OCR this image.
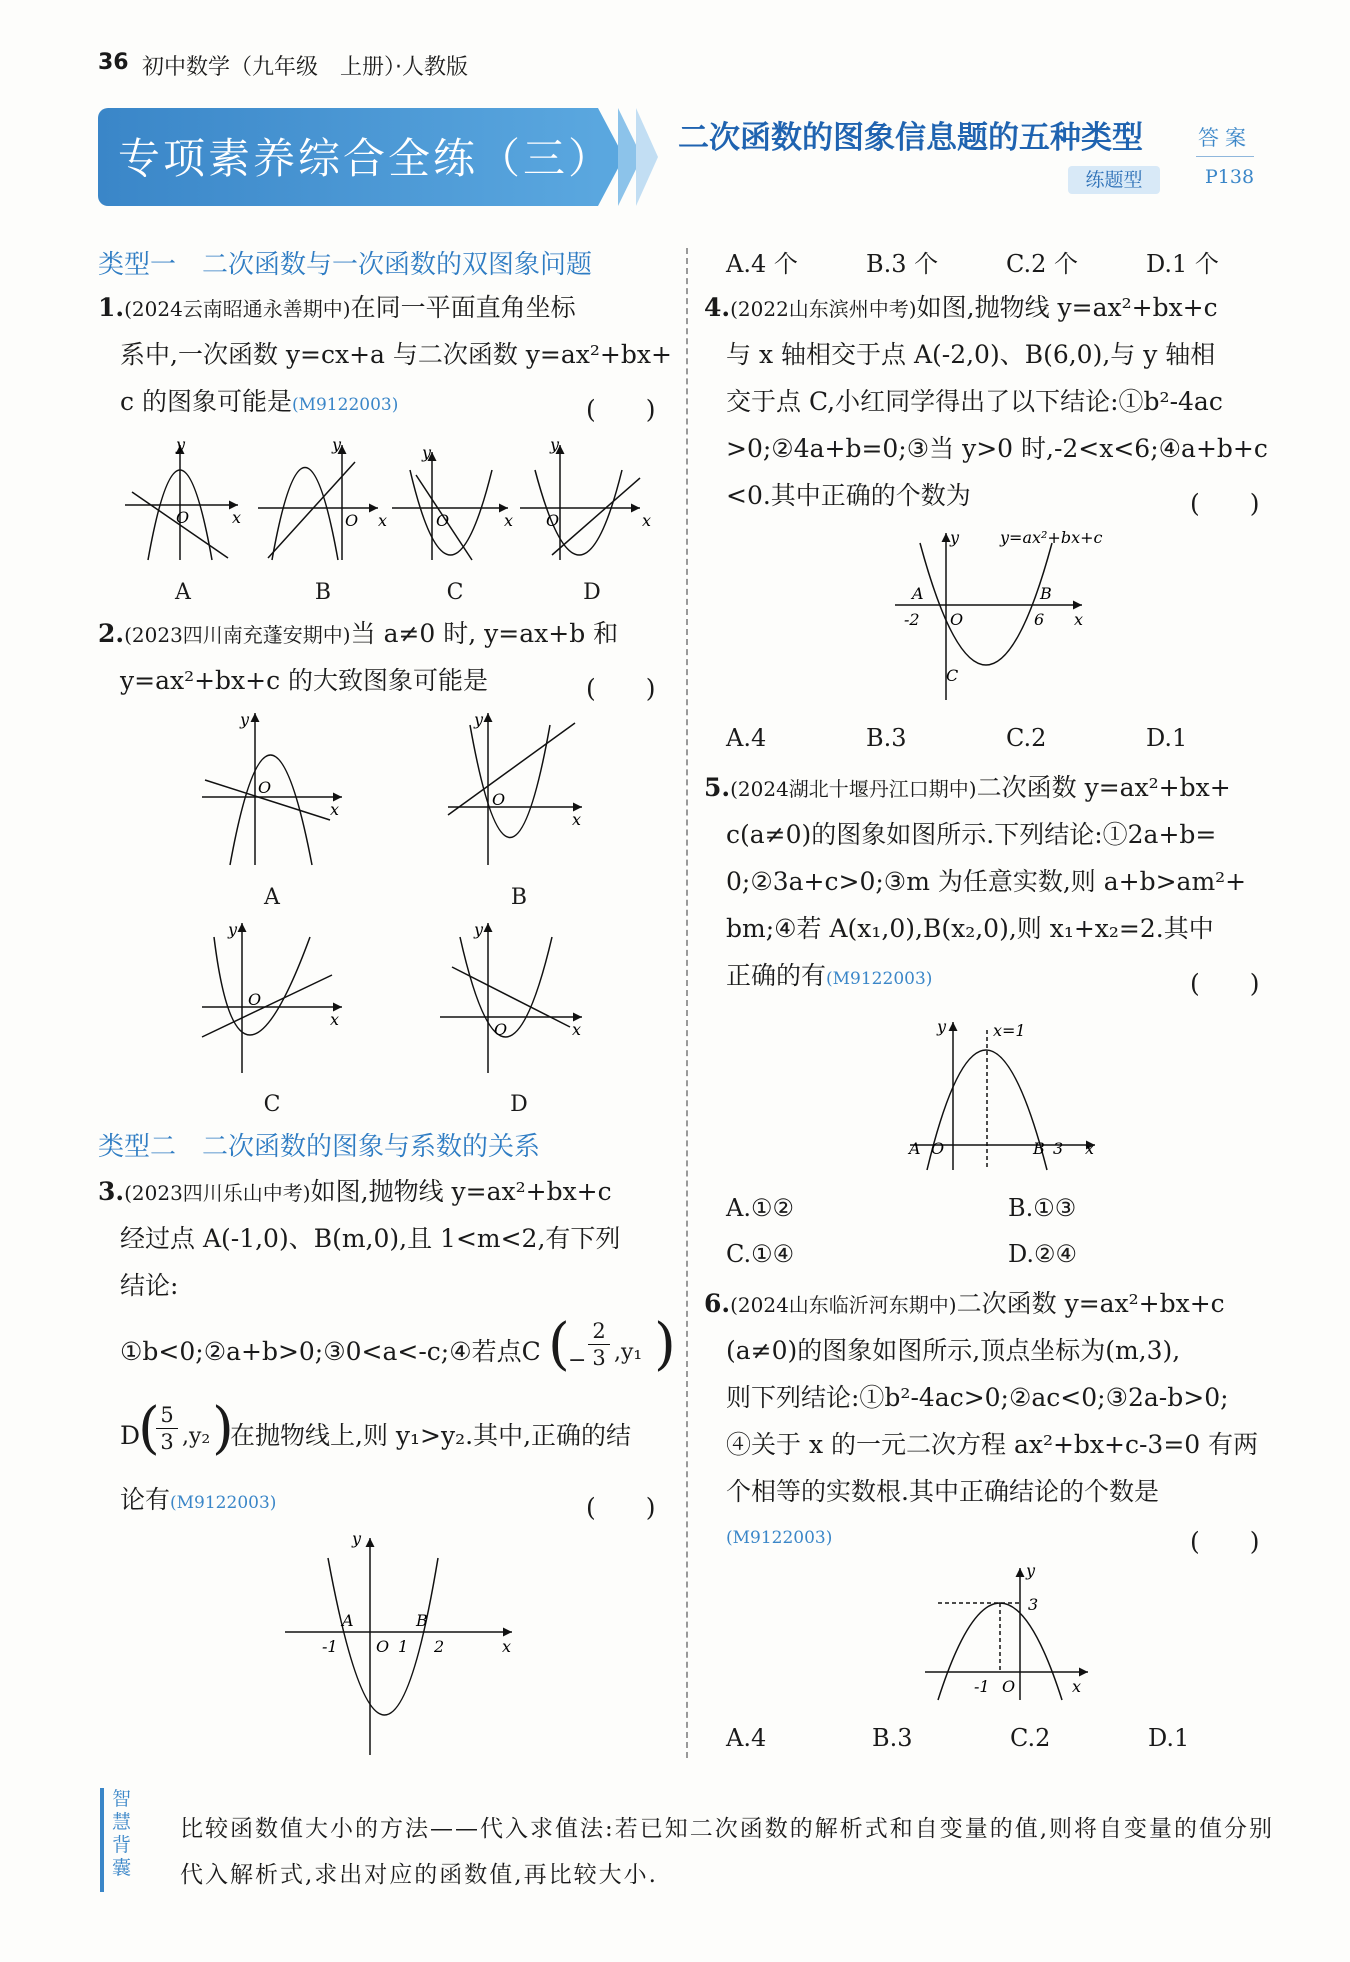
36 初中数学（九年级　上册）·人教版
专项素养综合全练（三） 二次函数的图象信息题的五种类型
练题型
答案
P138
类型一　二次函数与一次函数的双图象问题
1.(2024云南昭通永善期中)在同一平面直角坐标
系中,一次函数 y=cx+a 与二次函数 y=ax²+bx+
c 的图象可能是(M9122003)	(　　)
y
x
O
y
x
O
y
x
O
y
x
O
A	B	C	D
2.(2023四川南充蓬安期中)当 a≠0 时, y=ax+b 和
y=ax²+bx+c 的大致图象可能是	(　　)
y
x
O
y
x
O
y
x
O
y
x
O
A	B
C	D
类型二　二次函数的图象与系数的关系
3.(2023四川乐山中考)如图,抛物线 y=ax²+bx+c
经过点 A(-1,0)、B(m,0),且 1<m<2,有下列
结论:
①b<0;②a+b>0;③0<a<-c;④若点C (
−
2
3 ,y₁ )
D
( 5
3 ,y₂ )
在抛物线上,则 y₁>y₂.其中,正确的结
论有(M9122003)	(　　)
y
x
A	B
-1 O 1 2
A.4 个	B.3 个	C.2 个	D.1 个
4.(2022山东滨州中考)如图,抛物线 y=ax²+bx+c
与 x 轴相交于点 A(-2,0)、B(6,0),与 y 轴相
交于点 C,小红同学得出了以下结论:①b²-4ac
>0;②4a+b=0;③当 y>0 时,-2<x<6;④a+b+c
<0.其中正确的个数为	(　　)
y	y=ax²+bx+c
A	B
-2 O	6 x
C
A.4	B.3	C.2	D.1
5.(2024湖北十堰丹江口期中)二次函数 y=ax²+bx+
c(a≠0)的图象如图所示.下列结论:①2a+b=
0;②3a+c>0;③m 为任意实数,则 a+b>am²+
bm;④若 A(x₁,0),B(x₂,0),则 x₁+x₂=2.其中
正确的有(M9122003)	(　　)
y	x=1
A O	B 3 x
A.①②	B.①③
C.①④	D.②④
6.(2024山东临沂河东期中)二次函数 y=ax²+bx+c
(a≠0)的图象如图所示,顶点坐标为(m,3),
则下列结论:①b²-4ac>0;②ac<0;③2a-b>0;
④关于 x 的一元二次方程 ax²+bx+c-3=0 有两
个相等的实数根.其中正确结论的个数是
(M9122003)	(　　)
y
3
-1 O	x
A.4	B.3	C.2	D.1
智慧背囊
比较函数值大小的方法——代入求值法:若已知二次函数的解析式和自变量的值,则将自变量的值分别代入解析式,求出对应的函数值,再比较大小.
